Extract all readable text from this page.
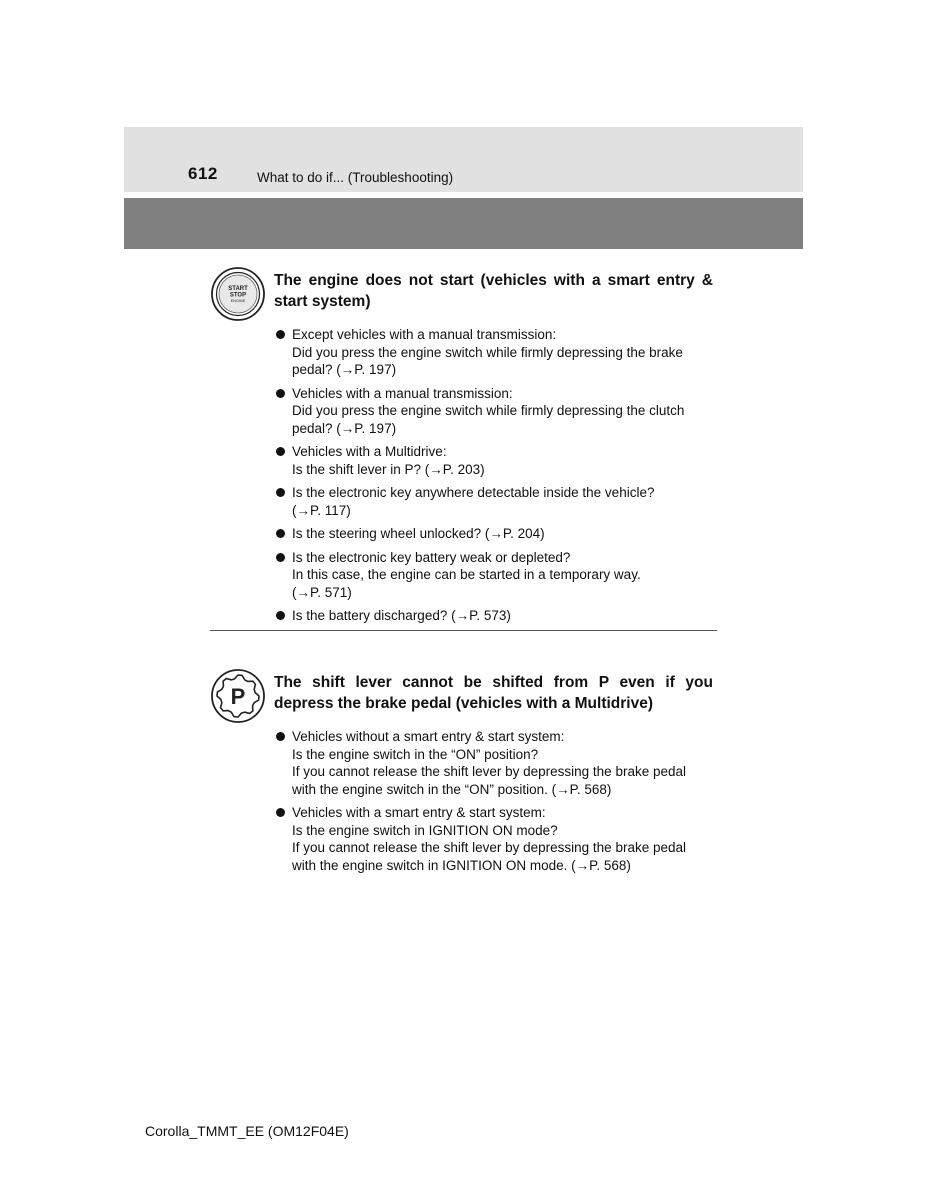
612	What to do if... (Troubleshooting)
START
STOP
ENGINE
The engine does not start (vehicles with a smart entry & start system)
Except vehicles with a manual transmission:
Did you press the engine switch while firmly depressing the brake
pedal? (→P. 197)
Vehicles with a manual transmission:
Did you press the engine switch while firmly depressing the clutch
pedal? (→P. 197)
Vehicles with a Multidrive:
Is the shift lever in P? (→P. 203)
Is the electronic key anywhere detectable inside the vehicle?
(→P. 117)
Is the steering wheel unlocked? (→P. 204)
Is the electronic key battery weak or depleted?
In this case, the engine can be started in a temporary way.
(→P. 571)
Is the battery discharged? (→P. 573)
P
The shift lever cannot be shifted from P even if you depress the brake pedal (vehicles with a Multidrive)
Vehicles without a smart entry & start system:
Is the engine switch in the “ON” position?
If you cannot release the shift lever by depressing the brake pedal
with the engine switch in the “ON” position. (→P. 568)
Vehicles with a smart entry & start system:
Is the engine switch in IGNITION ON mode?
If you cannot release the shift lever by depressing the brake pedal
with the engine switch in IGNITION ON mode. (→P. 568)
Corolla_TMMT_EE (OM12F04E)
